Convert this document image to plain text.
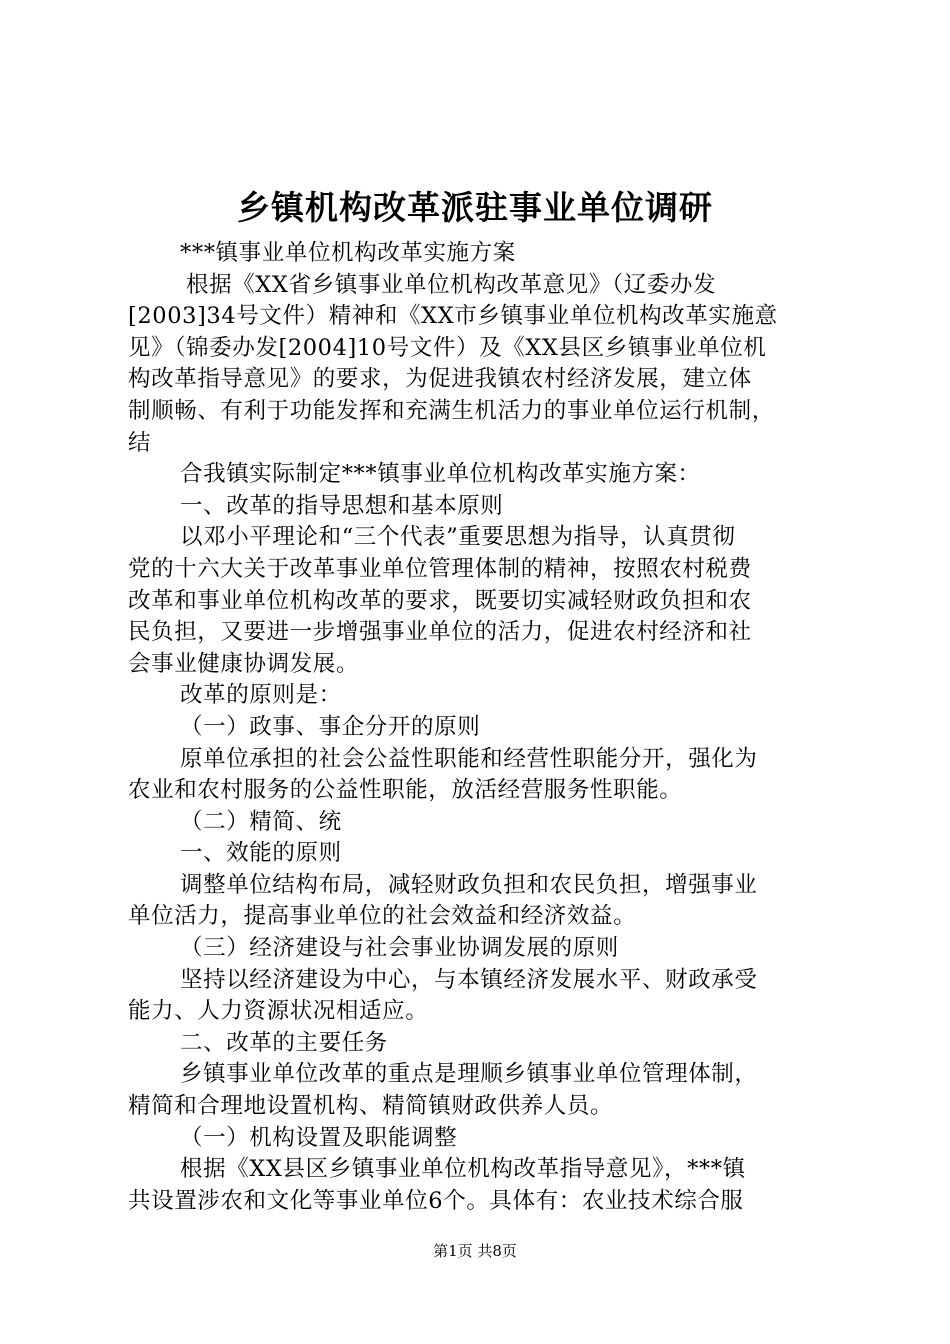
乡镇机构改革派驻事业单位调研
***镇事业单位机构改革实施方案
根据《XX省乡镇事业单位机构改革意见》（辽委办发
[2003]34号文件）精神和《XX市乡镇事业单位机构改革实施意
见》（锦委办发[2004]10号文件）及《XX县区乡镇事业单位机
构改革指导意见》的要求，为促进我镇农村经济发展，建立体
制顺畅、有利于功能发挥和充满生机活力的事业单位运行机制，
结
合我镇实际制定***镇事业单位机构改革实施方案：
一、改革的指导思想和基本原则
以邓小平理论和“三个代表”重要思想为指导，认真贯彻
党的十六大关于改革事业单位管理体制的精神，按照农村税费
改革和事业单位机构改革的要求，既要切实减轻财政负担和农
民负担，又要进一步增强事业单位的活力，促进农村经济和社
会事业健康协调发展。
改革的原则是：
（一）政事、事企分开的原则
原单位承担的社会公益性职能和经营性职能分开，强化为
农业和农村服务的公益性职能，放活经营服务性职能。
（二）精简、统
一、效能的原则
调整单位结构布局，减轻财政负担和农民负担，增强事业
单位活力，提高事业单位的社会效益和经济效益。
（三）经济建设与社会事业协调发展的原则
坚持以经济建设为中心，与本镇经济发展水平、财政承受
能力、人力资源状况相适应。
二、改革的主要任务
乡镇事业单位改革的重点是理顺乡镇事业单位管理体制，
精简和合理地设置机构、精简镇财政供养人员。
（一）机构设置及职能调整
根据《XX县区乡镇事业单位机构改革指导意见》，***镇
共设置涉农和文化等事业单位6个。具体有：农业技术综合服
第1页 共8页
